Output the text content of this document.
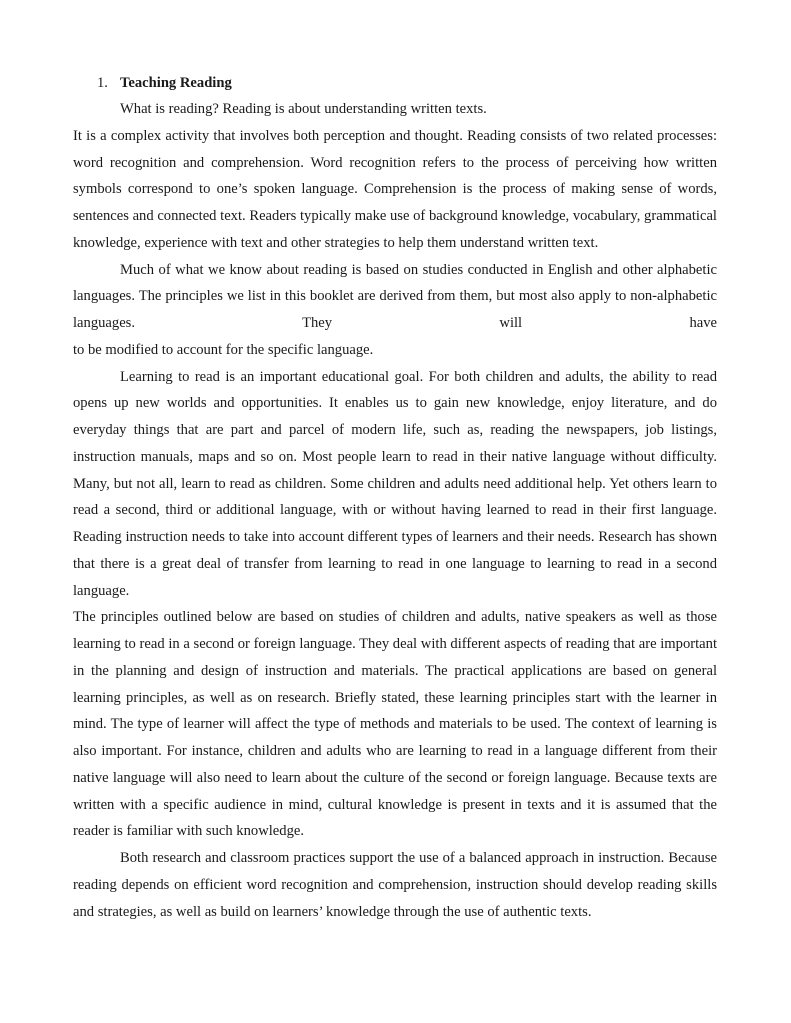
1. Teaching Reading

What is reading? Reading is about understanding written texts.

It is a complex activity that involves both perception and thought. Reading consists of two related processes: word recognition and comprehension. Word recognition refers to the process of perceiving how written symbols correspond to one’s spoken language. Comprehension is the process of making sense of words, sentences and connected text. Readers typically make use of background knowledge, vocabulary, grammatical knowledge, experience with text and other strategies to help them understand written text.

Much of what we know about reading is based on studies conducted in English and other alphabetic languages. The principles we list in this booklet are derived from them, but most also apply to non-alphabetic languages. They will have

to be modified to account for the specific language.

Learning to read is an important educational goal. For both children and adults, the ability to read opens up new worlds and opportunities. It enables us to gain new knowledge, enjoy literature, and do everyday things that are part and parcel of modern life, such as, reading the newspapers, job listings, instruction manuals, maps and so on. Most people learn to read in their native language without difficulty. Many, but not all, learn to read as children. Some children and adults need additional help. Yet others learn to read a second, third or additional language, with or without having learned to read in their first language. Reading instruction needs to take into account different types of learners and their needs. Research has shown that there is a great deal of transfer from learning to read in one language to learning to read in a second language.

The principles outlined below are based on studies of children and adults, native speakers as well as those learning to read in a second or foreign language. They deal with different aspects of reading that are important in the planning and design of instruction and materials. The practical applications are based on general learning principles, as well as on research. Briefly stated, these learning principles start with the learner in mind. The type of learner will affect the type of methods and materials to be used. The context of learning is also important. For instance, children and adults who are learning to read in a language different from their native language will also need to learn about the culture of the second or foreign language. Because texts are written with a specific audience in mind, cultural knowledge is present in texts and it is assumed that the reader is familiar with such knowledge.

Both research and classroom practices support the use of a balanced approach in instruction. Because reading depends on efficient word recognition and comprehension, instruction should develop reading skills and strategies, as well as build on learners’ knowledge through the use of authentic texts.
